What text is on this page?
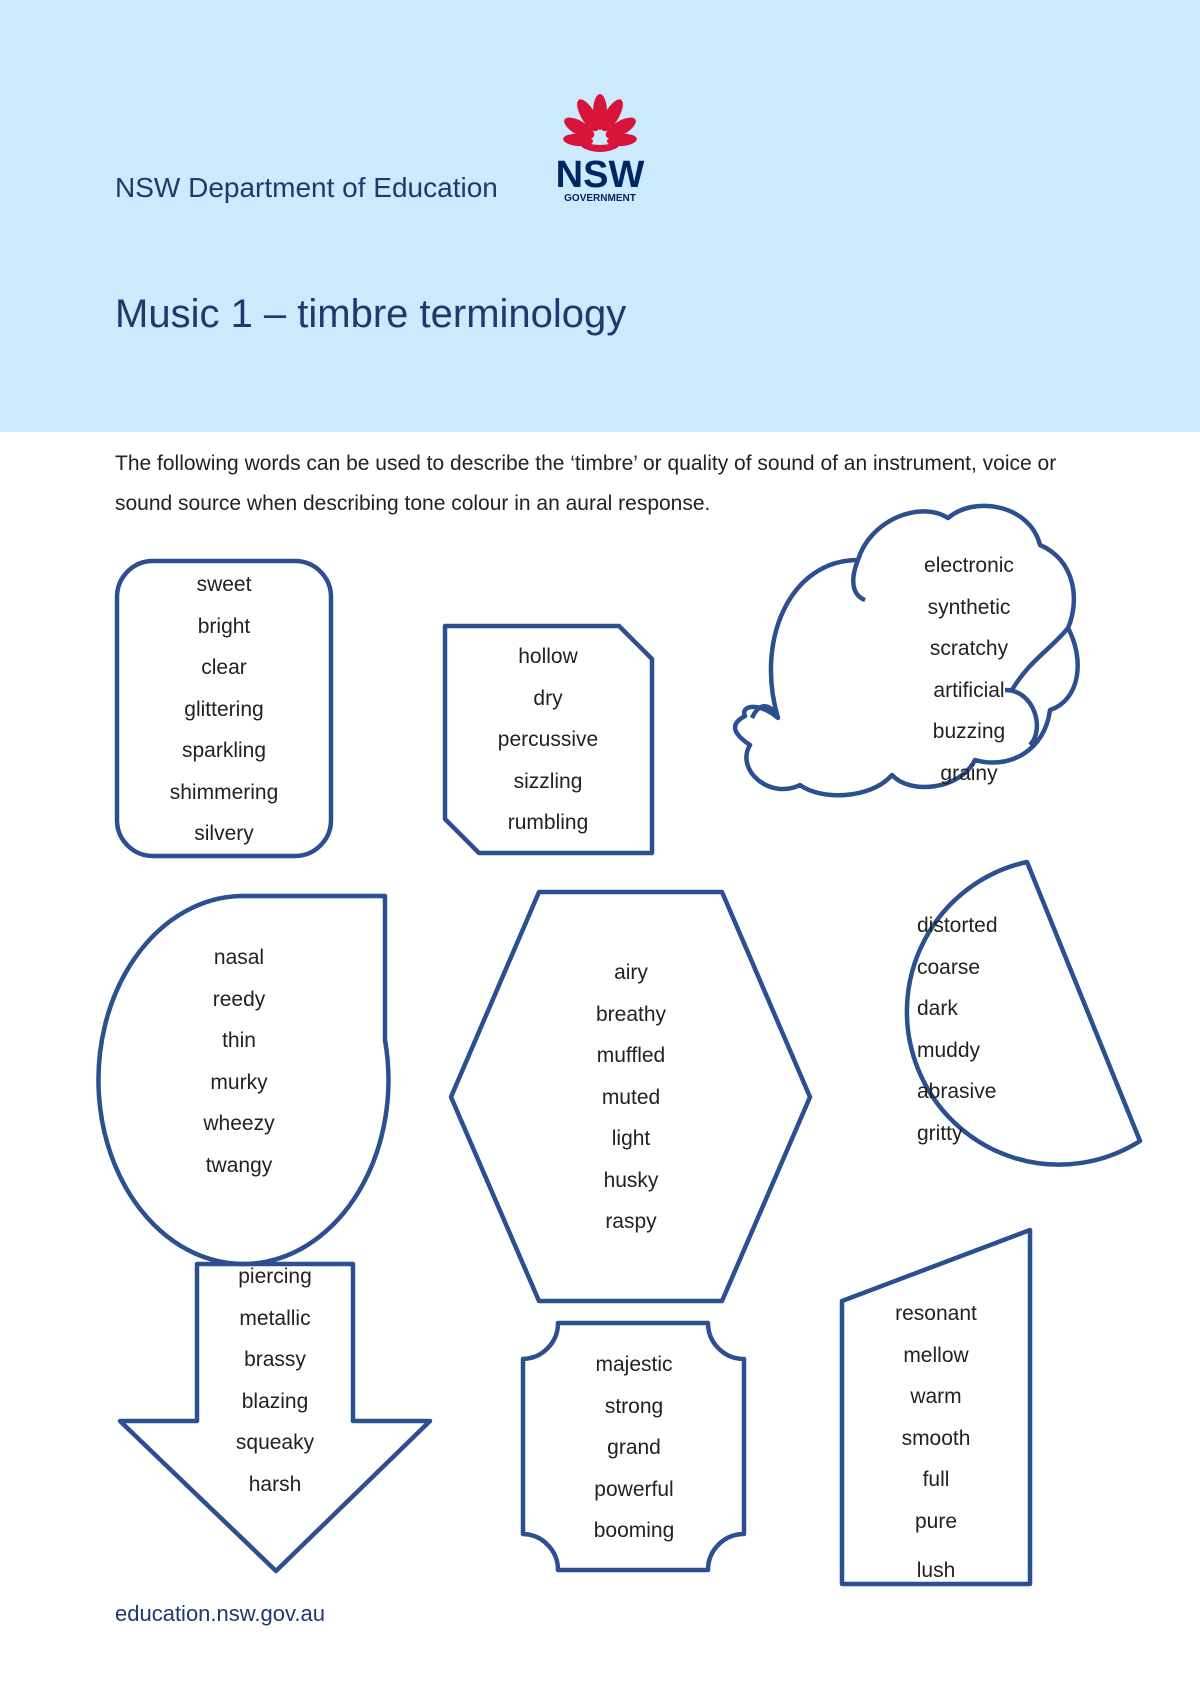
NSW Department of Education NSW
GOVERNMENT
Music 1 – timbre terminology
The following words can be used to describe the ‘timbre’ or quality of sound of an instrument, voice or sound source when describing tone colour in an aural response.
sweet
bright
clear
glittering
sparkling
shimmering
silvery
hollow
dry
percussive
sizzling
rumbling
electronic
synthetic
scratchy
artificial
buzzing
grainy
nasal
reedy
thin
murky
wheezy
twangy
airy
breathy
muffled
muted
light
husky
raspy
distorted
coarse
dark
muddy
abrasive
gritty
piercing
metallic
brassy
blazing
squeaky
harsh
majestic
strong
grand
powerful
booming
resonant
mellow
warm
smooth
full
pure
lush
education.nsw.gov.au
